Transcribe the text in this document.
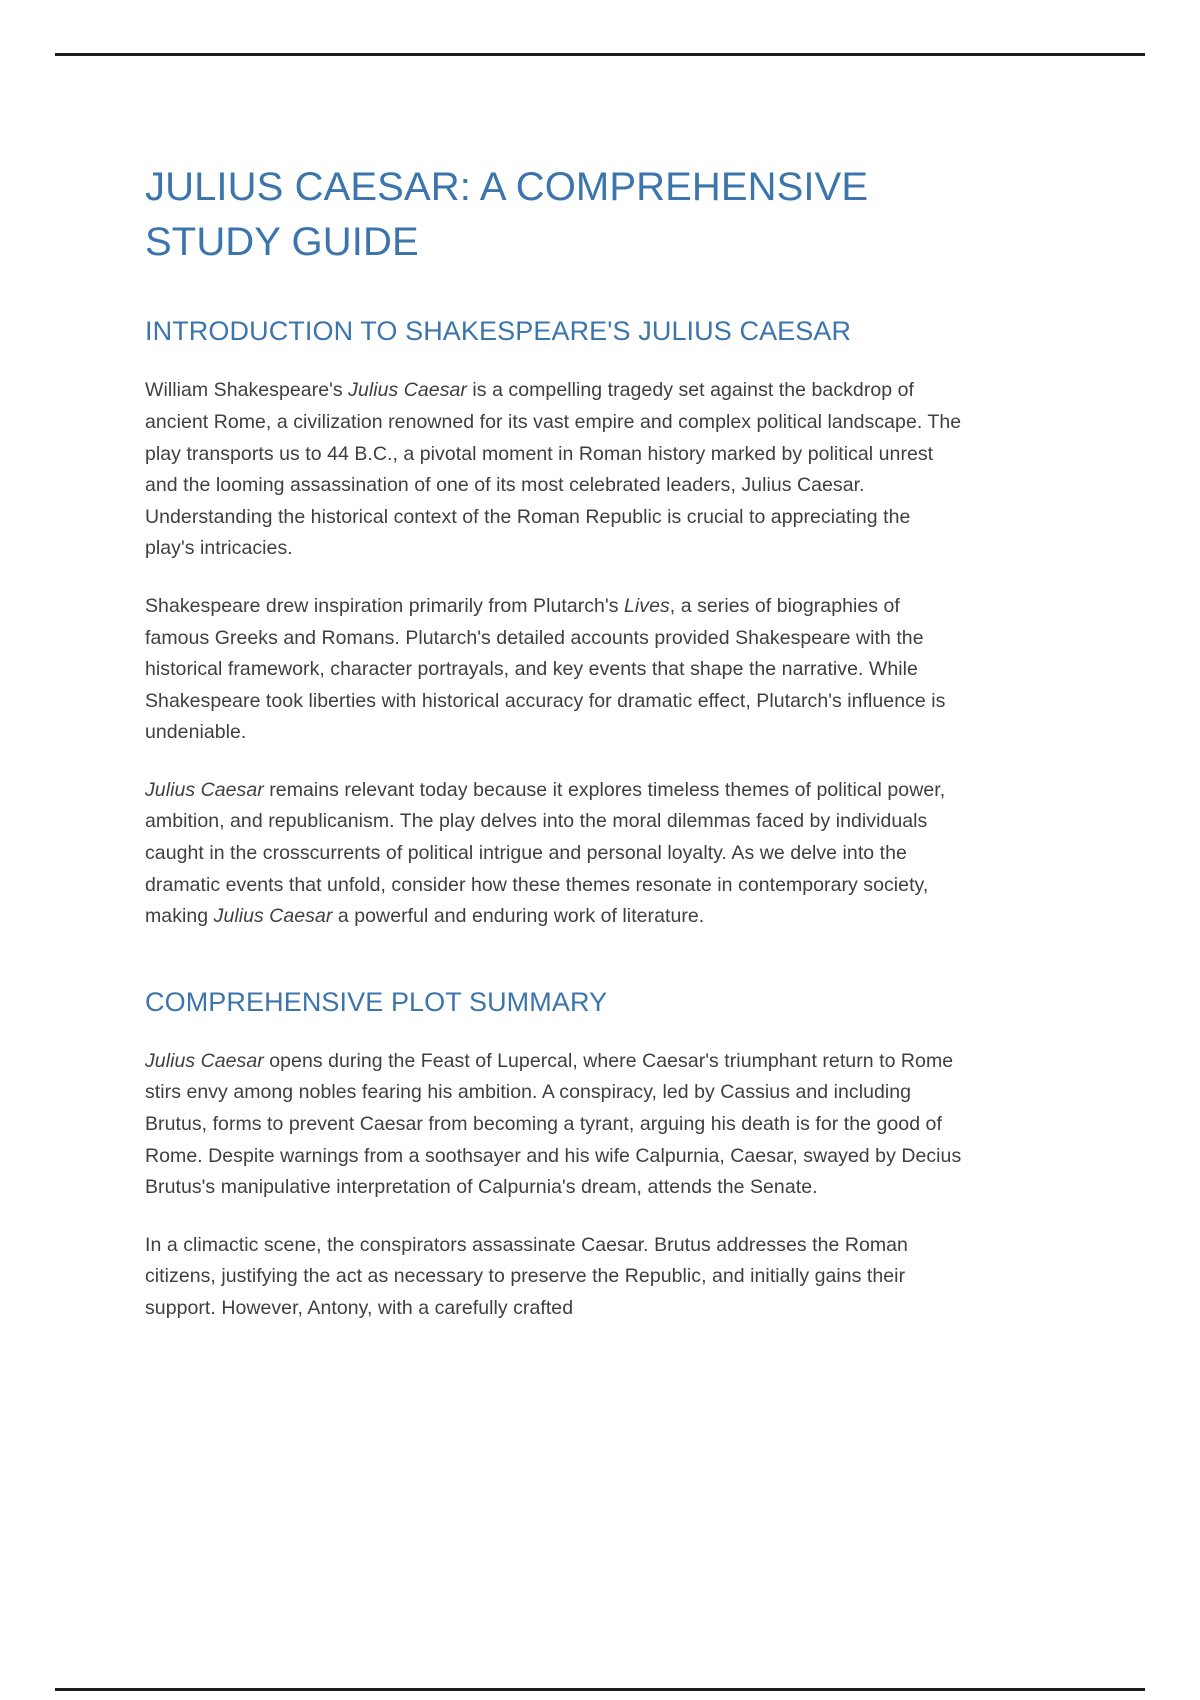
JULIUS CAESAR: A COMPREHENSIVE STUDY GUIDE
INTRODUCTION TO SHAKESPEARE'S JULIUS CAESAR

William Shakespeare's Julius Caesar is a compelling tragedy set against the backdrop of ancient Rome, a civilization renowned for its vast empire and complex political landscape. The play transports us to 44 B.C., a pivotal moment in Roman history marked by political unrest and the looming assassination of one of its most celebrated leaders, Julius Caesar. Understanding the historical context of the Roman Republic is crucial to appreciating the play's intricacies.

Shakespeare drew inspiration primarily from Plutarch's Lives, a series of biographies of famous Greeks and Romans. Plutarch's detailed accounts provided Shakespeare with the historical framework, character portrayals, and key events that shape the narrative. While Shakespeare took liberties with historical accuracy for dramatic effect, Plutarch's influence is undeniable.

Julius Caesar remains relevant today because it explores timeless themes of political power, ambition, and republicanism. The play delves into the moral dilemmas faced by individuals caught in the crosscurrents of political intrigue and personal loyalty. As we delve into the dramatic events that unfold, consider how these themes resonate in contemporary society, making Julius Caesar a powerful and enduring work of literature.

COMPREHENSIVE PLOT SUMMARY

Julius Caesar opens during the Feast of Lupercal, where Caesar's triumphant return to Rome stirs envy among nobles fearing his ambition. A conspiracy, led by Cassius and including Brutus, forms to prevent Caesar from becoming a tyrant, arguing his death is for the good of Rome. Despite warnings from a soothsayer and his wife Calpurnia, Caesar, swayed by Decius Brutus's manipulative interpretation of Calpurnia's dream, attends the Senate.

In a climactic scene, the conspirators assassinate Caesar. Brutus addresses the Roman citizens, justifying the act as necessary to preserve the Republic, and initially gains their support. However, Antony, with a carefully crafted
